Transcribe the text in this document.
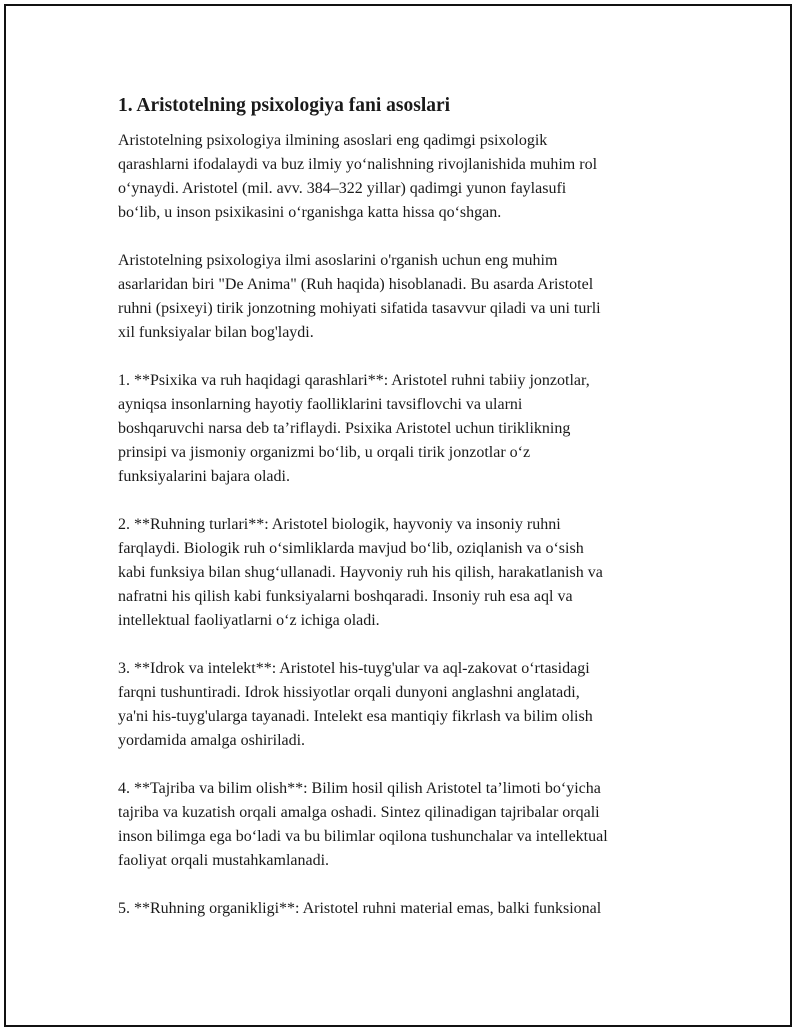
1. Aristotelning psixologiya fani asoslari

Aristotelning psixologiya ilmining asoslari eng qadimgi psixologik
qarashlarni ifodalaydi va buz ilmiy yoʻnalishning rivojlanishida muhim rol
oʻynaydi. Aristotel (mil. avv. 384–322 yillar) qadimgi yunon faylasufi
boʻlib, u inson psixikasini oʻrganishga katta hissa qoʻshgan.

Aristotelning psixologiya ilmi asoslarini o'rganish uchun eng muhim
asarlaridan biri "De Anima" (Ruh haqida) hisoblanadi. Bu asarda Aristotel
ruhni (psixeyi) tirik jonzotning mohiyati sifatida tasavvur qiladi va uni turli
xil funksiyalar bilan bog'laydi.

1. **Psixika va ruh haqidagi qarashlari**: Aristotel ruhni tabiiy jonzotlar,
ayniqsa insonlarning hayotiy faolliklarini tavsiflovchi va ularni
boshqaruvchi narsa deb taʼriflaydi. Psixika Aristotel uchun tiriklikning
prinsipi va jismoniy organizmi boʻlib, u orqali tirik jonzotlar oʻz
funksiyalarini bajara oladi.

2. **Ruhning turlari**: Aristotel biologik, hayvoniy va insoniy ruhni
farqlaydi. Biologik ruh oʻsimliklarda mavjud boʻlib, oziqlanish va oʻsish
kabi funksiya bilan shugʻullanadi. Hayvoniy ruh his qilish, harakatlanish va
nafratni his qilish kabi funksiyalarni boshqaradi. Insoniy ruh esa aql va
intellektual faoliyatlarni oʻz ichiga oladi.

3. **Idrok va intelekt**: Aristotel his-tuyg'ular va aql-zakovat oʻrtasidagi
farqni tushuntiradi. Idrok hissiyotlar orqali dunyoni anglashni anglatadi,
ya'ni his-tuyg'ularga tayanadi. Intelekt esa mantiqiy fikrlash va bilim olish
yordamida amalga oshiriladi.

4. **Tajriba va bilim olish**: Bilim hosil qilish Aristotel taʼlimoti boʻyicha
tajriba va kuzatish orqali amalga oshadi. Sintez qilinadigan tajribalar orqali
inson bilimga ega boʻladi va bu bilimlar oqilona tushunchalar va intellektual
faoliyat orqali mustahkamlanadi.

5. **Ruhning organikligi**: Aristotel ruhni material emas, balki funksional
